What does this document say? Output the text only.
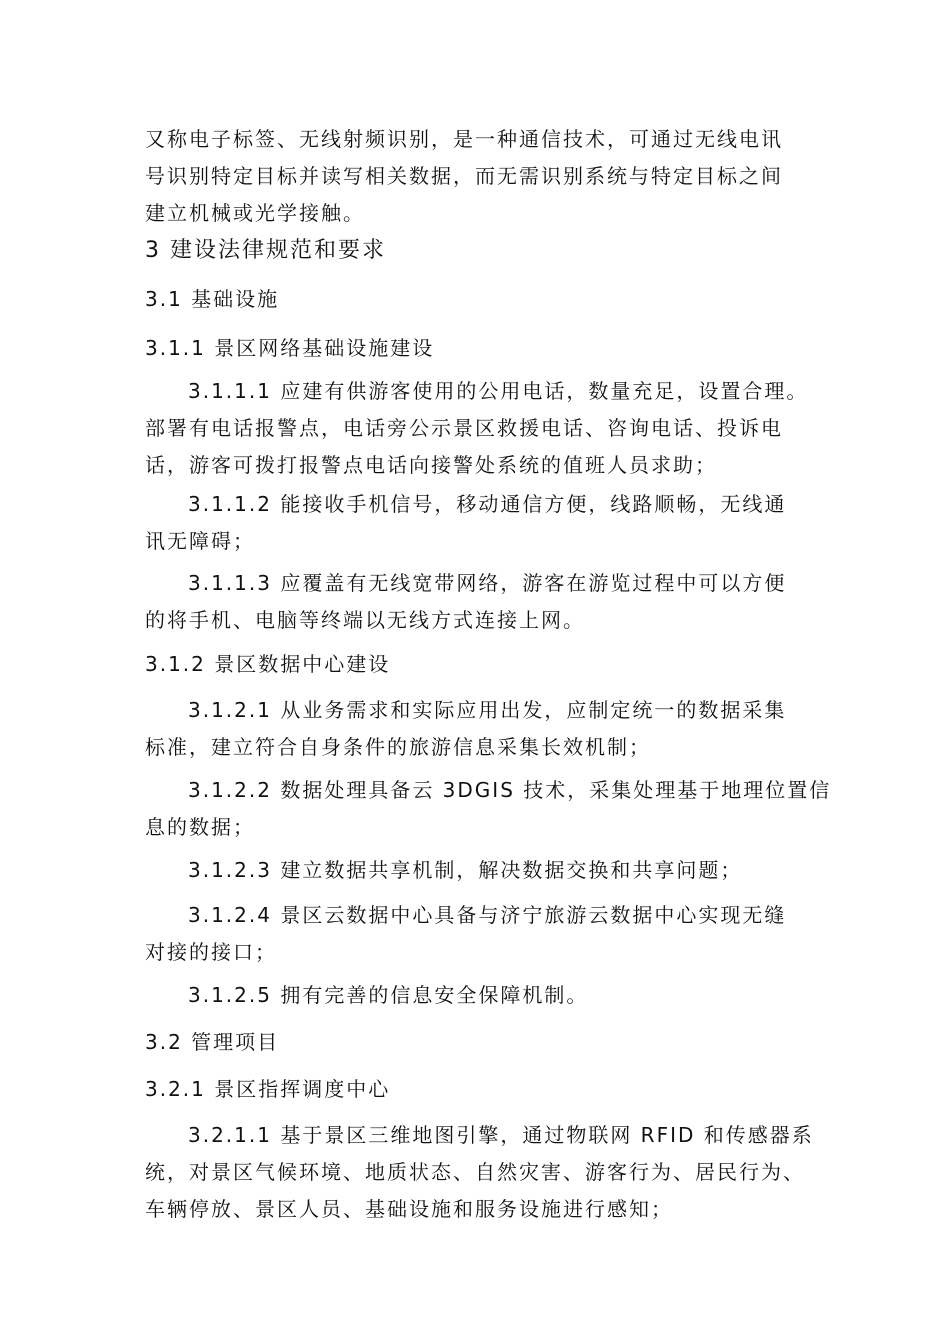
又称电子标签、无线射频识别，是一种通信技术，可通过无线电讯
号识别特定目标并读写相关数据，而无需识别系统与特定目标之间
建立机械或光学接触。
3 建设法律规范和要求
3.1 基础设施
3.1.1 景区网络基础设施建设
3.1.1.1 应建有供游客使用的公用电话，数量充足，设置合理。
部署有电话报警点，电话旁公示景区救援电话、咨询电话、投诉电
话，游客可拨打报警点电话向接警处系统的值班人员求助；
3.1.1.2 能接收手机信号，移动通信方便，线路顺畅，无线通
讯无障碍；
3.1.1.3 应覆盖有无线宽带网络，游客在游览过程中可以方便
的将手机、电脑等终端以无线方式连接上网。
3.1.2 景区数据中心建设
3.1.2.1 从业务需求和实际应用出发，应制定统一的数据采集
标准，建立符合自身条件的旅游信息采集长效机制；
3.1.2.2 数据处理具备云 3DGIS 技术，采集处理基于地理位置信
息的数据；
3.1.2.3 建立数据共享机制，解决数据交换和共享问题；
3.1.2.4 景区云数据中心具备与济宁旅游云数据中心实现无缝
对接的接口；
3.1.2.5 拥有完善的信息安全保障机制。
3.2 管理项目
3.2.1 景区指挥调度中心
3.2.1.1 基于景区三维地图引擎，通过物联网 RFID 和传感器系
统，对景区气候环境、地质状态、自然灾害、游客行为、居民行为、
车辆停放、景区人员、基础设施和服务设施进行感知；
